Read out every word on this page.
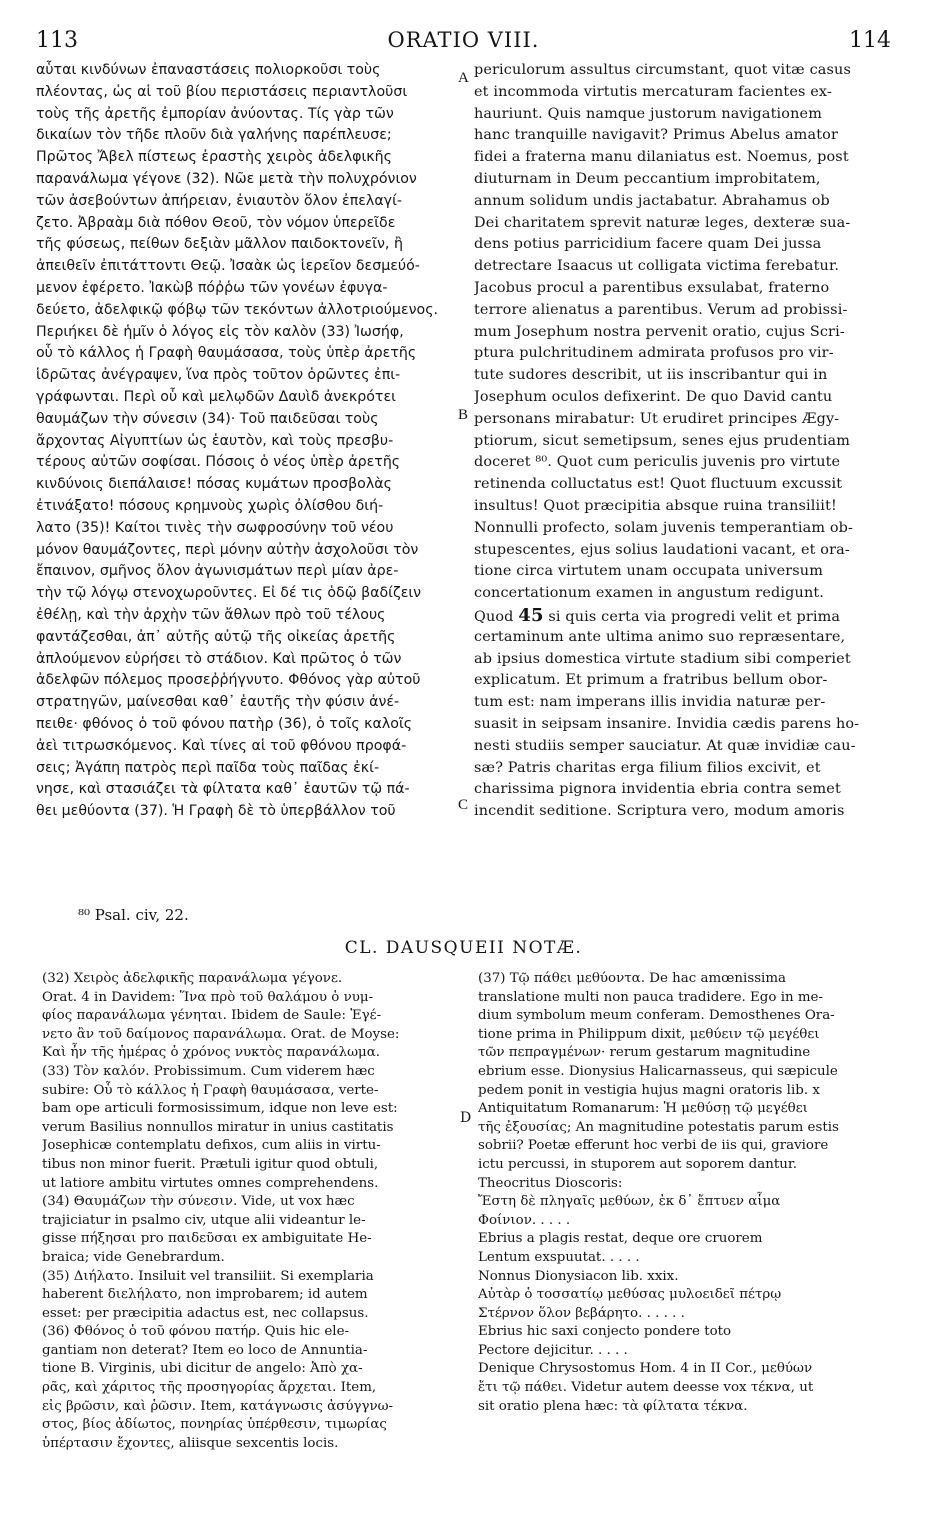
113	ORATIO VIII.	114
αὗται κινδύνων ἐπαναστάσεις πολιορκοῦσι τοὺς
πλέοντας, ὡς αἱ τοῦ βίου περιστάσεις περιαντλοῦσι
τοὺς τῆς ἀρετῆς ἐμπορίαν ἀνύοντας. Τίς γὰρ τῶν
δικαίων τὸν τῆδε πλοῦν διὰ γαλήνης παρέπλευσε;
Πρῶτος Ἄβελ πίστεως ἐραστὴς χειρὸς ἀδελφικῆς
παρανάλωμα γέγονε (32). Νῶε μετὰ τὴν πολυχρόνιον
τῶν ἀσεβούντων ἀπήρειαν, ἐνιαυτὸν ὅλον ἐπελαγί-
ζετο. Ἀβραὰμ διὰ πόθον Θεοῦ, τὸν νόμον ὑπερεῖδε
τῆς φύσεως, πείθων δεξιὰν μᾶλλον παιδοκτονεῖν, ἢ
ἀπειθεῖν ἐπιτάττοντι Θεῷ. Ἰσαὰκ ὡς ἱερεῖον δεσμεύό-
μενον ἐφέρετο. Ἰακὼβ πόῤῥω τῶν γονέων ἐφυγα-
δεύετο, ἀδελφικῷ φόβῳ τῶν τεκόντων ἀλλοτριούμενος.
Περιήκει δὲ ἡμῖν ὁ λόγος εἰς τὸν καλὸν (33) Ἰωσήφ,
οὗ τὸ κάλλος ἡ Γραφὴ θαυμάσασα, τοὺς ὑπὲρ ἀρετῆς
ἱδρῶτας ἀνέγραψεν, ἵνα πρὸς τοῦτον ὁρῶντες ἐπι-
γράφωνται. Περὶ οὗ καὶ μελῳδῶν Δαυὶδ ἀνεκρότει
θαυμάζων τὴν σύνεσιν (34)· Τοῦ παιδεῦσαι τοὺς
ἄρχοντας Αἰγυπτίων ὡς ἑαυτὸν, καὶ τοὺς πρεσβυ-
τέρους αὐτῶν σοφίσαι. Πόσοις ὁ νέος ὑπὲρ ἀρετῆς
κινδύνοις διεπάλαισε! πόσας κυμάτων προσβολὰς
ἐτινάξατο! πόσους κρημνοὺς χωρὶς ὀλίσθου διή-
λατο (35)! Καίτοι τινὲς τὴν σωφροσύνην τοῦ νέου
μόνον θαυμάζοντες, περὶ μόνην αὐτὴν ἀσχολοῦσι τὸν
ἔπαινον, σμῆνος ὅλον ἀγωνισμάτων περὶ μίαν ἀρε-
τὴν τῷ λόγῳ στενοχωροῦντες. Εἰ δέ τις ὁδῷ βαδίζειν
ἐθέλῃ, καὶ τὴν ἀρχὴν τῶν ἄθλων πρὸ τοῦ τέλους
φαντάζεσθαι, ἀπ᾽ αὐτῆς αὐτῷ τῆς οἰκείας ἀρετῆς
ἀπλούμενον εὑρήσει τὸ στάδιον. Καὶ πρῶτος ὁ τῶν
ἀδελφῶν πόλεμος προσεῤῥήγνυτο. Φθόνος γὰρ αὐτοῦ
στρατηγῶν, μαίνεσθαι καθ᾽ ἑαυτῆς τὴν φύσιν ἀνέ-
πειθε· φθόνος ὁ τοῦ φόνου πατὴρ (36), ὁ τοῖς καλοῖς
ἀεὶ τιτρωσκόμενος. Καὶ τίνες αἱ τοῦ φθόνου προφά-
σεις; Ἀγάπη πατρὸς περὶ παῖδα τοὺς παῖδας ἐκί-
νησε, καὶ στασιάζει τὰ φίλτατα καθ᾽ ἑαυτῶν τῷ πά-
θει μεθύοντα (37). Ἡ Γραφὴ δὲ τὸ ὑπερβάλλον τοῦ
A
B
C
periculorum assultus circumstant, quot vitæ casus
et incommoda virtutis mercaturam facientes ex-
hauriunt. Quis namque justorum navigationem
hanc tranquille navigavit? Primus Abelus amator
fidei a fraterna manu dilaniatus est. Noemus, post
diuturnam in Deum peccantium improbitatem,
annum solidum undis jactabatur. Abrahamus ob
Dei charitatem sprevit naturæ leges, dexteræ sua-
dens potius parricidium facere quam Dei jussa
detrectare Isaacus ut colligata victima ferebatur.
Jacobus procul a parentibus exsulabat, fraterno
terrore alienatus a parentibus. Verum ad probissi-
mum Josephum nostra pervenit oratio, cujus Scri-
ptura pulchritudinem admirata profusos pro vir-
tute sudores describit, ut iis inscribantur qui in
Josephum oculos defixerint. De quo David cantu
personans mirabatur: Ut erudiret principes Ægy-
ptiorum, sicut semetipsum, senes ejus prudentiam
doceret ⁸⁰. Quot cum periculis juvenis pro virtute
retinenda colluctatus est! Quot fluctuum excussit
insultus! Quot præcipitia absque ruina transiliit!
Nonnulli profecto, solam juvenis temperantiam ob-
stupescentes, ejus solius laudationi vacant, et ora-
tione circa virtutem unam occupata universum
concertationum examen in angustum redigunt.
Quod 45 si quis certa via progredi velit et prima
certaminum ante ultima animo suo repræsentare,
ab ipsius domestica virtute stadium sibi comperiet
explicatum. Et primum a fratribus bellum obor-
tum est: nam imperans illis invidia naturæ per-
suasit in seipsam insanire. Invidia cædis parens ho-
nesti studiis semper sauciatur. At quæ invidiæ cau-
sæ? Patris charitas erga filium filios excivit, et
charissima pignora invidentia ebria contra semet
incendit seditione. Scriptura vero, modum amoris
⁸⁰ Psal. civ, 22.
CL. DAUSQUEII NOTÆ.
(32) Χειρὸς ἀδελφικῆς παρανάλωμα γέγονε.
Orat. 4 in Davidem: Ἵνα πρὸ τοῦ θαλάμου ὁ νυμ-
φίος παρανάλωμα γένηται. Ibidem de Saule: Ἐγέ-
νετο ἂν τοῦ δαίμονος παρανάλωμα. Orat. de Moyse:
Καὶ ἦν τῆς ἡμέρας ὁ χρόνος νυκτὸς παρανάλωμα.
(33) Τὸν καλόν. Probissimum. Cum viderem hæc
subire: Οὗ τὸ κάλλος ἡ Γραφὴ θαυμάσασα, verte-
bam ope articuli formosissimum, idque non leve est:
verum Basilius nonnullos miratur in unius castitatis
Josephicæ contemplatu defixos, cum aliis in virtu-
tibus non minor fuerit. Prætuli igitur quod obtuli,
ut latiore ambitu virtutes omnes comprehendens.
(34) Θαυμάζων τὴν σύνεσιν. Vide, ut vox hæc
trajiciatur in psalmo civ, utque alii videantur le-
gisse πήξησαι pro παιδεῦσαι ex ambiguitate He-
braica; vide Genebrardum.
(35) Διήλατο. Insiluit vel transiliit. Si exemplaria
haberent διελήλατο, non improbarem; id autem
esset: per præcipitia adactus est, nec collapsus.
(36) Φθόνος ὁ τοῦ φόνου πατήρ. Quis hic ele-
gantiam non deterat? Item eo loco de Annuntia-
tione B. Virginis, ubi dicitur de angelo: Ἀπὸ χα-
ρᾶς, καὶ χάριτος τῆς προσηγορίας ἄρχεται. Item,
εἰς βρῶσιν, καὶ ῥῶσιν. Item, κατάγνωσις ἀσύγγνω-
στος, βίος ἀδίωτος, πονηρίας ὑπέρθεσιν, τιμωρίας
ὑπέρτασιν ἔχοντες, aliisque sexcentis locis.
D
(37) Τῷ πάθει μεθύοντα. De hac amœnissima
translatione multi non pauca tradidere. Ego in me-
dium symbolum meum conferam. Demosthenes Ora-
tione prima in Philippum dixit, μεθύειν τῷ μεγέθει
τῶν πεπραγμένων· rerum gestarum magnitudine
ebrium esse. Dionysius Halicarnasseus, qui sæpicule
pedem ponit in vestigia hujus magni oratoris lib. x
Antiquitatum Romanarum: Ἡ μεθύσῃ τῷ μεγέθει
τῆς ἐξουσίας; An magnitudine potestatis parum estis
sobrii? Poetæ efferunt hoc verbi de iis qui, graviore
ictu percussi, in stuporem aut soporem dantur.
Theocritus Dioscoris:
Ἔστη δὲ πληγαῖς μεθύων, ἐκ δ᾽ ἔπτυεν αἷμα
Φοίνιον. . . . .
Ebrius a plagis restat, deque ore cruorem
Lentum exspuutat. . . . .
Nonnus Dionysiacon lib. xxix.
Αὐτὰρ ὁ τοσσατίῳ μεθύσας μυλοειδεῖ πέτρῳ
Στέρνον ὅλον βεβάρητο. . . . . .
Ebrius hic saxi conjecto pondere toto
Pectore dejicitur. . . . .
Denique Chrysostomus Hom. 4 in II Cor., μεθύων
ἔτι τῷ πάθει. Videtur autem deesse vox τέκνα, ut
sit oratio plena hæc: τὰ φίλτατα τέκνα.
